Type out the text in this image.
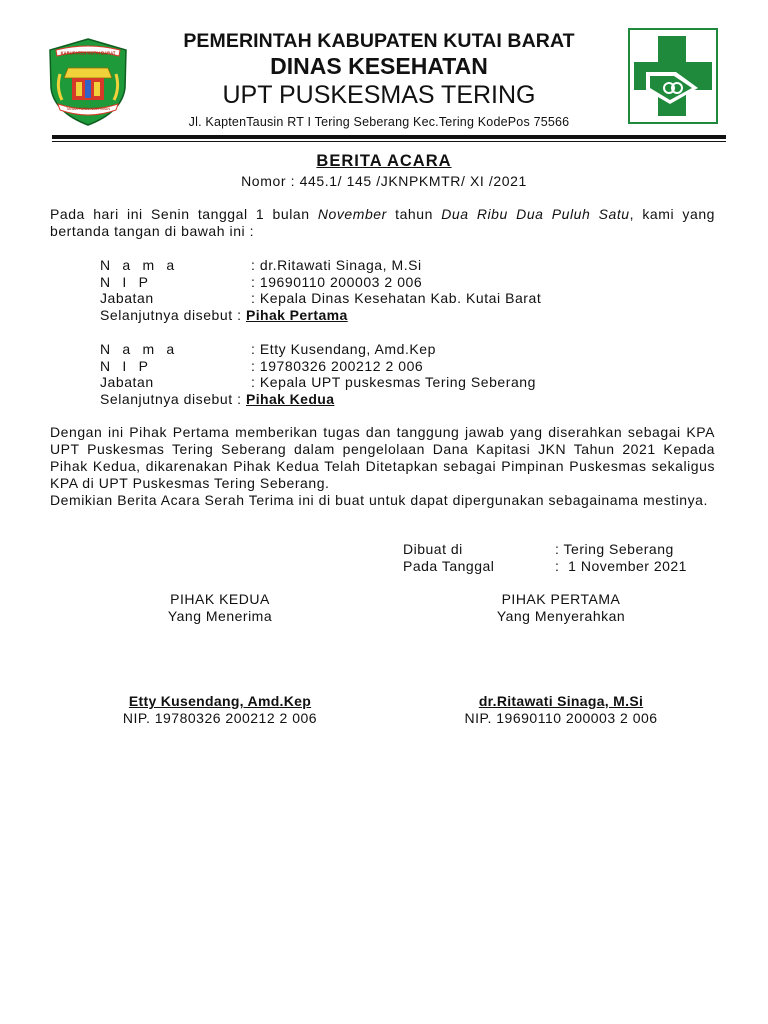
KABUPATEN KUTAI BARAT
TANAA PURAI NGERIMAN
PEMERINTAH KABUPATEN KUTAI BARAT
DINAS KESEHATAN
UPT PUSKESMAS TERING
Jl. KaptenTausin RT I Tering Seberang Kec.Tering KodePos 75566
BERITA ACARA
Nomor : 445.1/ 145 /JKNPKMTR/ XI /2021
Pada hari ini Senin tanggal 1 bulan November tahun Dua Ribu Dua Puluh Satu, kami yang bertanda tangan di bawah ini :
N a m a	: dr.Ritawati Sinaga, M.Si
N I P	: 19690110 200003 2 006
Jabatan	: Kepala Dinas Kesehatan Kab. Kutai Barat
Selanjutnya disebut : Pihak Pertama
N a m a	: Etty Kusendang, Amd.Kep
N I P	: 19780326 200212 2 006
Jabatan	: Kepala UPT puskesmas Tering Seberang
Selanjutnya disebut : Pihak Kedua
Dengan ini Pihak Pertama memberikan tugas dan tanggung jawab yang diserahkan sebagai KPA UPT Puskesmas Tering Seberang dalam pengelolaan Dana Kapitasi JKN Tahun 2021 Kepada Pihak Kedua, dikarenakan Pihak Kedua Telah Ditetapkan sebagai Pimpinan Puskesmas sekaligus KPA di UPT Puskesmas Tering Seberang.
Demikian Berita Acara Serah Terima ini di buat untuk dapat dipergunakan sebagainama mestinya.
Dibuat di	: Tering Seberang
Pada Tanggal	:  1 November 2021
PIHAK KEDUA
Yang Menerima
Etty Kusendang, Amd.Kep
NIP. 19780326 200212 2 006
PIHAK PERTAMA
Yang Menyerahkan
dr.Ritawati Sinaga, M.Si
NIP. 19690110 200003 2 006
